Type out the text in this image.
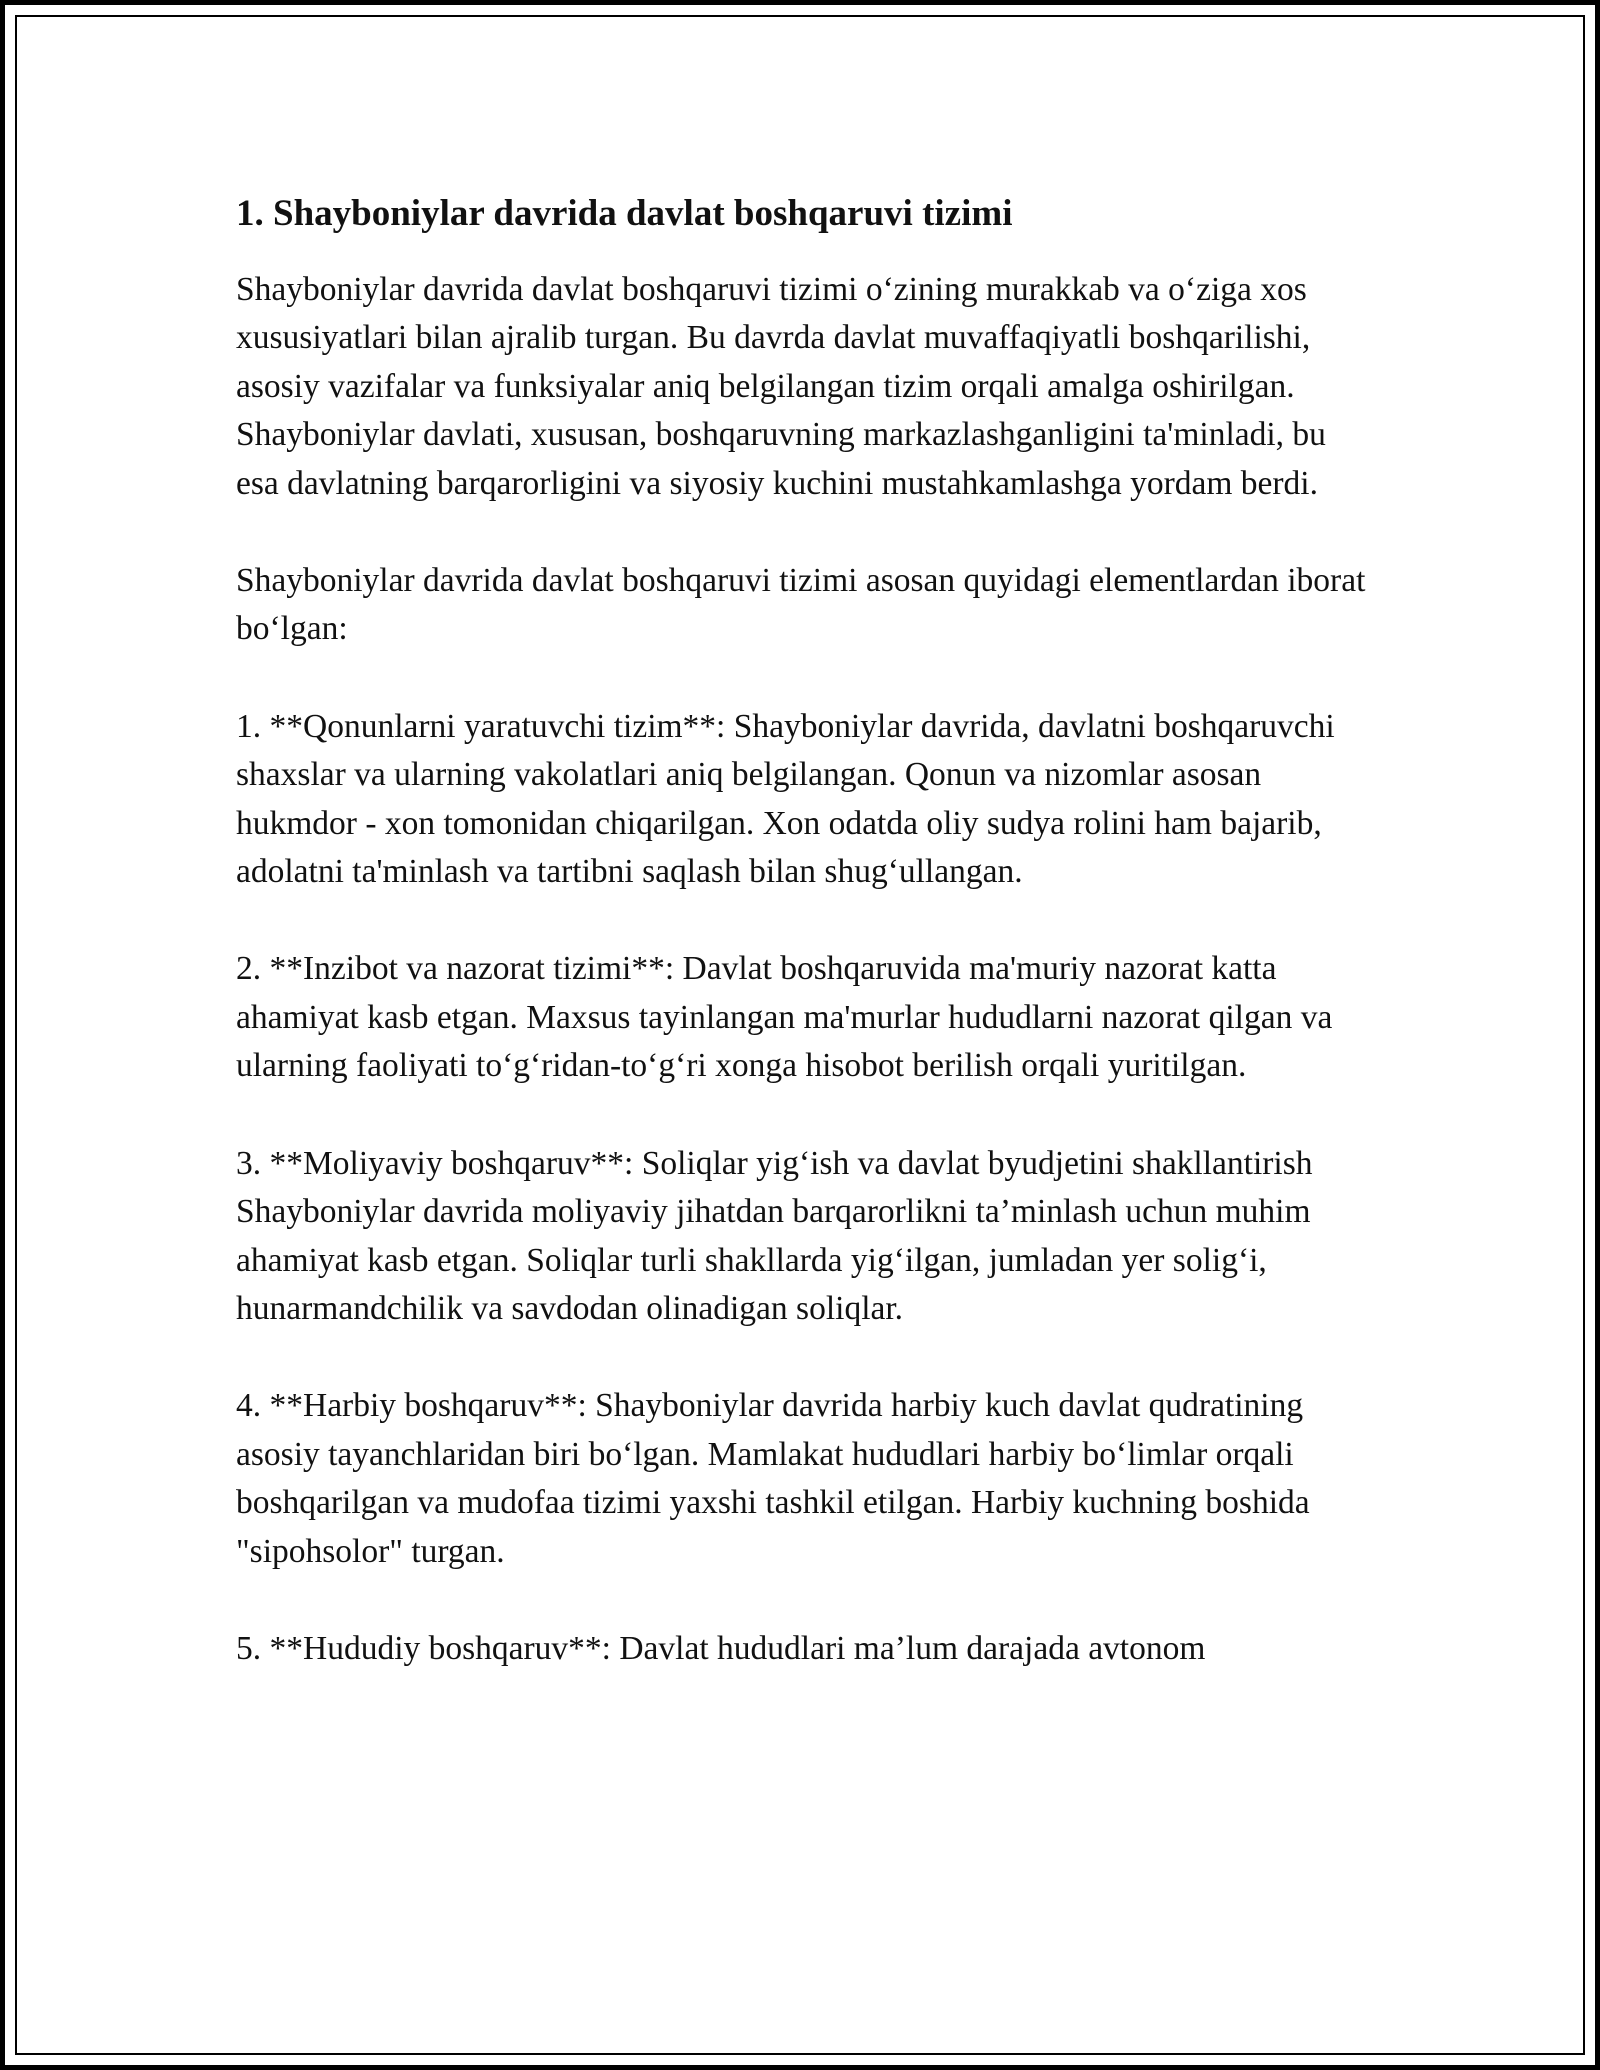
1. Shayboniylar davrida davlat boshqaruvi tizimi

Shayboniylar davrida davlat boshqaruvi tizimi o‘zining murakkab va o‘ziga xos xususiyatlari bilan ajralib turgan. Bu davrda davlat muvaffaqiyatli boshqarilishi, asosiy vazifalar va funksiyalar aniq belgilangan tizim orqali amalga oshirilgan. Shayboniylar davlati, xususan, boshqaruvning markazlashganligini ta'minladi, bu esa davlatning barqarorligini va siyosiy kuchini mustahkamlashga yordam berdi.

Shayboniylar davrida davlat boshqaruvi tizimi asosan quyidagi elementlardan iborat bo‘lgan:

1. **Qonunlarni yaratuvchi tizim**: Shayboniylar davrida, davlatni boshqaruvchi shaxslar va ularning vakolatlari aniq belgilangan. Qonun va nizomlar asosan hukmdor - xon tomonidan chiqarilgan. Xon odatda oliy sudya rolini ham bajarib, adolatni ta'minlash va tartibni saqlash bilan shug‘ullangan.

2. **Inzibot va nazorat tizimi**: Davlat boshqaruvida ma'muriy nazorat katta ahamiyat kasb etgan. Maxsus tayinlangan ma'murlar hududlarni nazorat qilgan va ularning faoliyati to‘g‘ridan-to‘g‘ri xonga hisobot berilish orqali yuritilgan.

3. **Moliyaviy boshqaruv**: Soliqlar yig‘ish va davlat byudjetini shakllantirish Shayboniylar davrida moliyaviy jihatdan barqarorlikni ta’minlash uchun muhim ahamiyat kasb etgan. Soliqlar turli shakllarda yig‘ilgan, jumladan yer solig‘i, hunarmandchilik va savdodan olinadigan soliqlar.

4. **Harbiy boshqaruv**: Shayboniylar davrida harbiy kuch davlat qudratining asosiy tayanchlaridan biri bo‘lgan. Mamlakat hududlari harbiy bo‘limlar orqali boshqarilgan va mudofaa tizimi yaxshi tashkil etilgan. Harbiy kuchning boshida "sipohsolor" turgan.

5. **Hududiy boshqaruv**: Davlat hududlari ma’lum darajada avtonom
